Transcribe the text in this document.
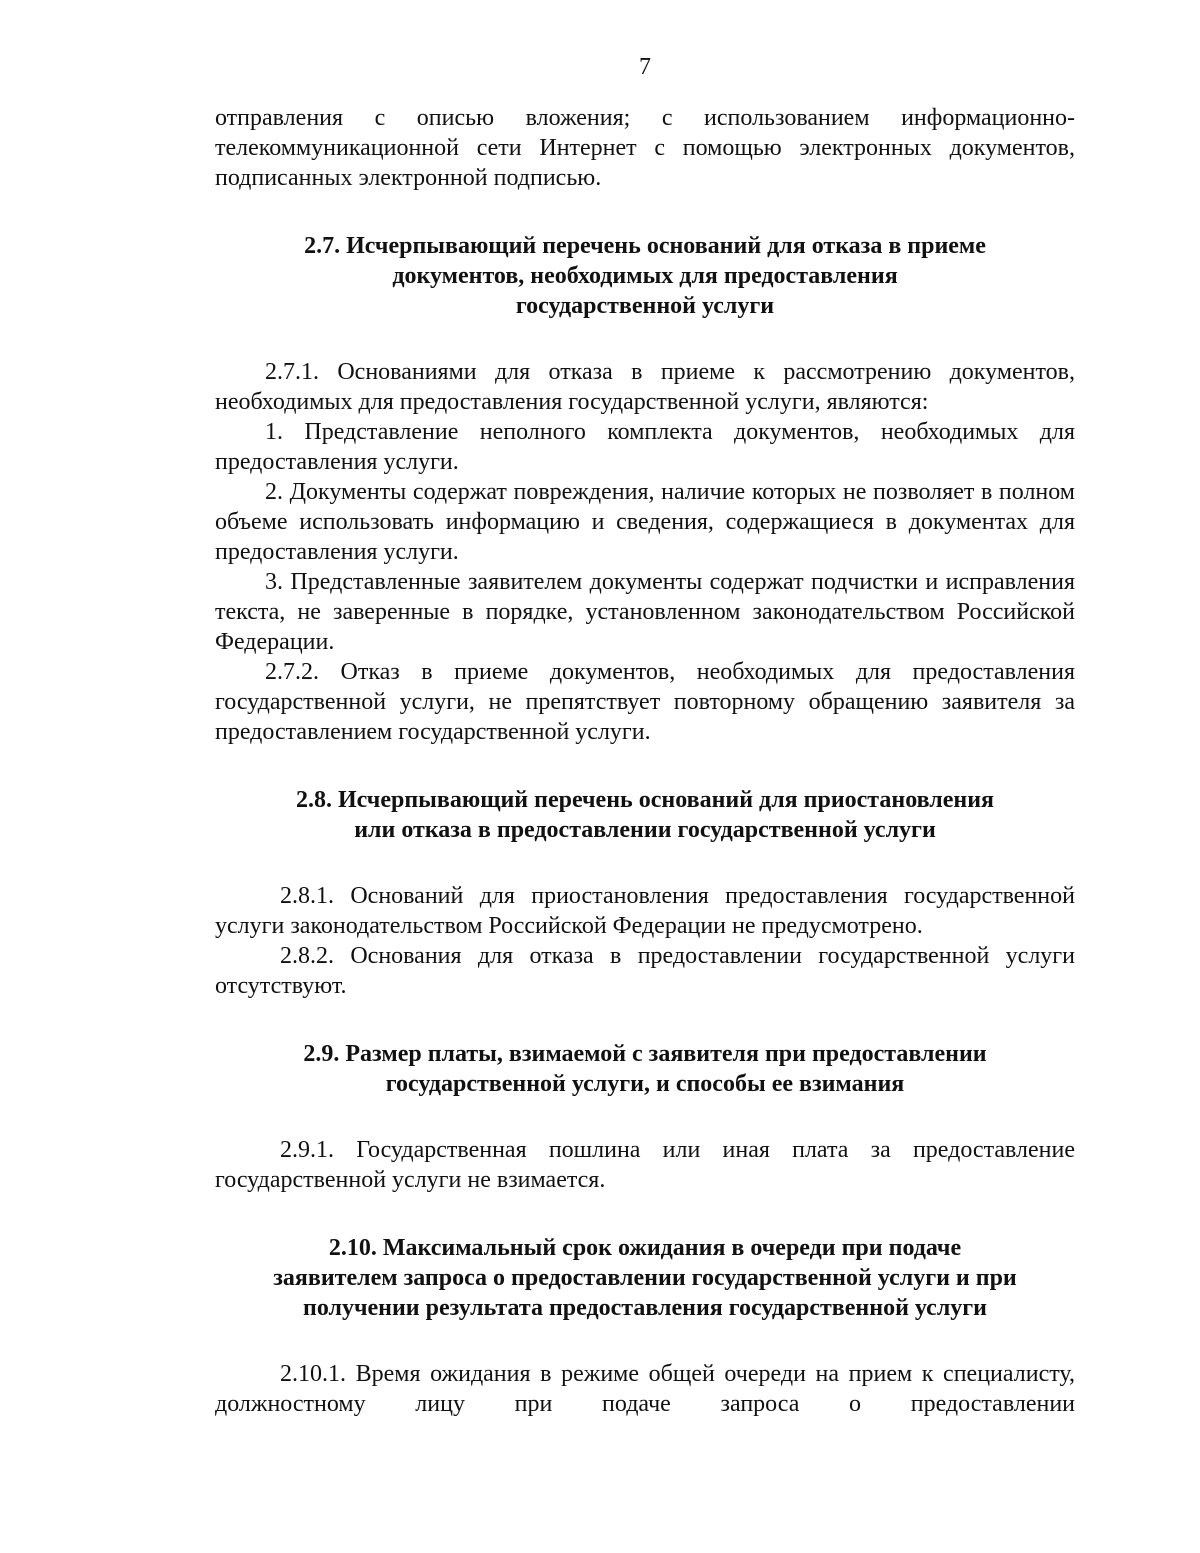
7

отправления с описью вложения; с использованием информационно-телекоммуникационной сети Интернет с помощью электронных документов, подписанных электронной подписью.

2.7. Исчерпывающий перечень оснований для отказа в приеме
документов, необходимых для предоставления
государственной услуги

2.7.1. Основаниями для отказа в приеме к рассмотрению документов, необходимых для предоставления государственной услуги, являются:

1. Представление неполного комплекта документов, необходимых для предоставления услуги.

2. Документы содержат повреждения, наличие которых не позволяет в полном объеме использовать информацию и сведения, содержащиеся в документах для предоставления услуги.

3. Представленные заявителем документы содержат подчистки и исправления текста, не заверенные в порядке, установленном законодательством Российской Федерации.

2.7.2. Отказ в приеме документов, необходимых для предоставления государственной услуги, не препятствует повторному обращению заявителя за предоставлением государственной услуги.

2.8. Исчерпывающий перечень оснований для приостановления
или отказа в предоставлении государственной услуги

2.8.1. Оснований для приостановления предоставления государственной услуги законодательством Российской Федерации не предусмотрено.

2.8.2. Основания для отказа в предоставлении государственной услуги отсутствуют.

2.9. Размер платы, взимаемой с заявителя при предоставлении
государственной услуги, и способы ее взимания

2.9.1. Государственная пошлина или иная плата за предоставление государственной услуги не взимается.

2.10. Максимальный срок ожидания в очереди при подаче
заявителем запроса о предоставлении государственной услуги и при
получении результата предоставления государственной услуги

2.10.1. Время ожидания в режиме общей очереди на прием к специалисту, должностному лицу при подаче запроса о предоставлении
